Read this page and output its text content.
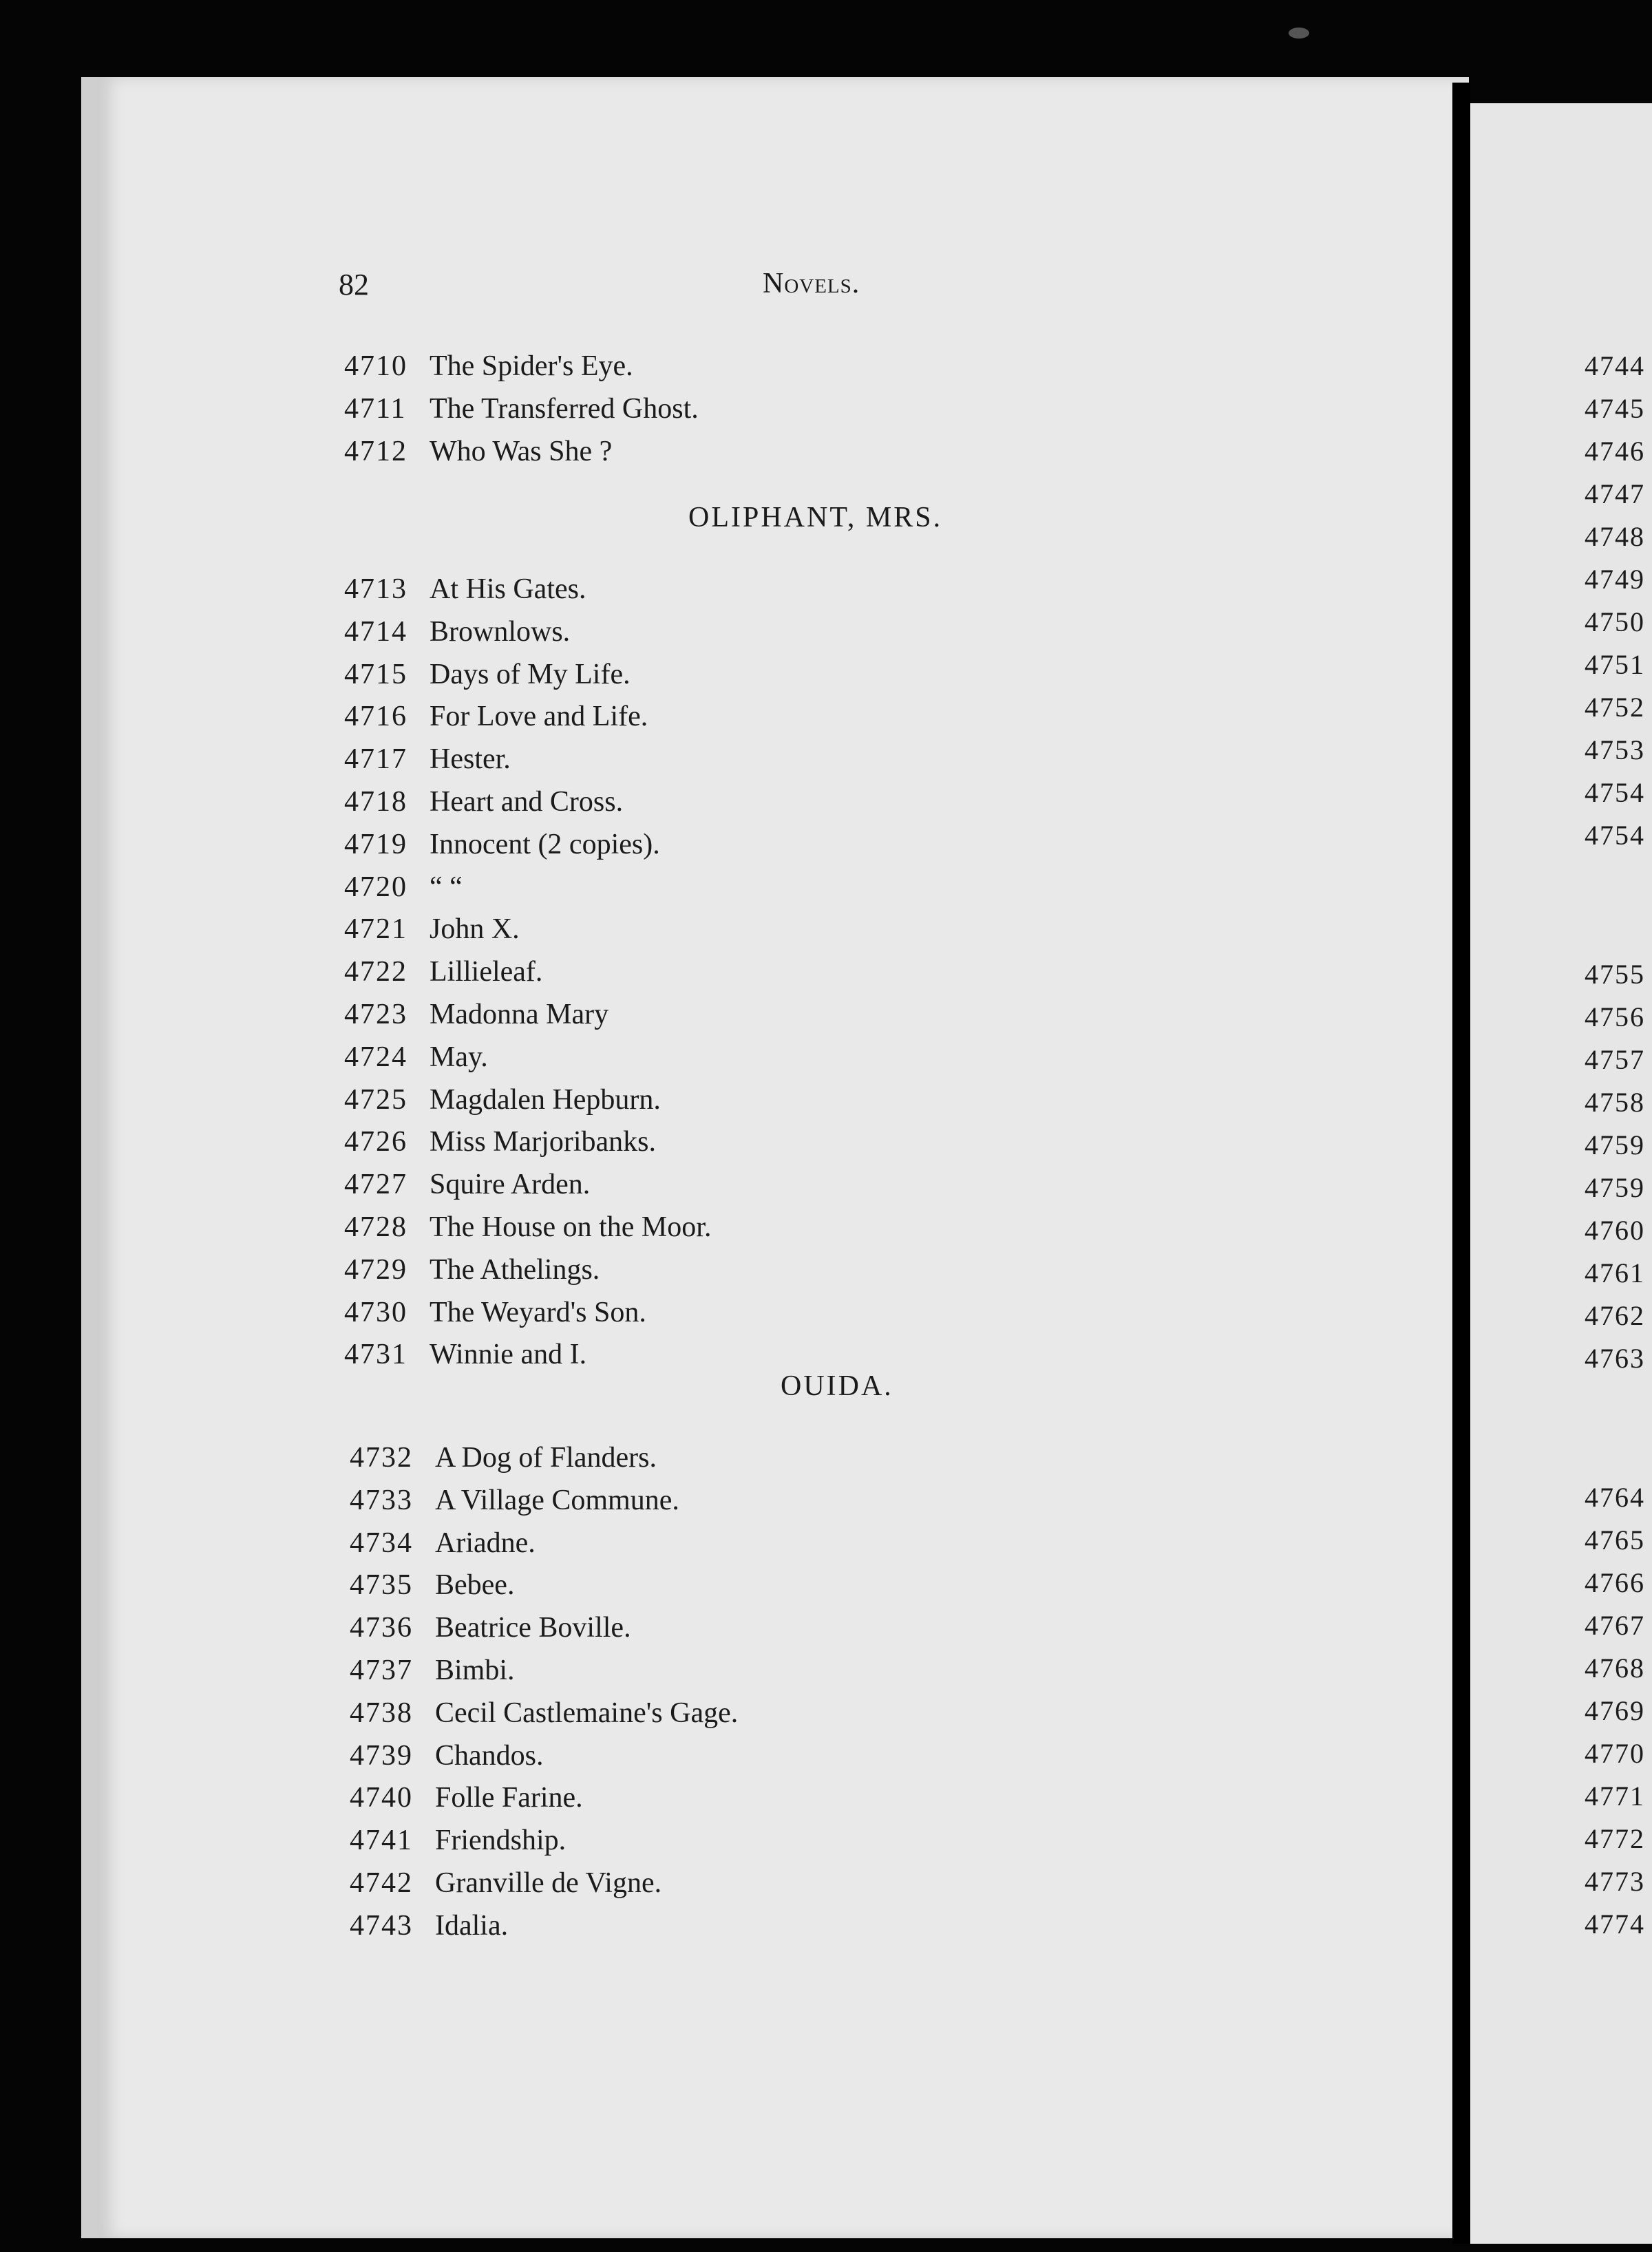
82	Novels.
4710 The Spider's Eye.
4711 The Transferred Ghost.
4712 Who Was She ?
OLIPHANT, MRS.
4713 At His Gates.
4714 Brownlows.
4715 Days of My Life.
4716 For Love and Life.
4717 Hester.
4718 Heart and Cross.
4719 Innocent (2 copies).
4720 “ “
4721 John X.
4722 Lillieleaf.
4723 Madonna Mary
4724 May.
4725 Magdalen Hepburn.
4726 Miss Marjoribanks.
4727 Squire Arden.
4728 The House on the Moor.
4729 The Athelings.
4730 The Weyard's Son.
4731 Winnie and I.
OUIDA.
4732 A Dog of Flanders.
4733 A Village Commune.
4734 Ariadne.
4735 Bebee.
4736 Beatrice Boville.
4737 Bimbi.
4738 Cecil Castlemaine's Gage.
4739 Chandos.
4740 Folle Farine.
4741 Friendship.
4742 Granville de Vigne.
4743 Idalia.
4744
4745
4746
4747
4748
4749
4750
4751
4752
4753
4754
4754
4755
4756
4757
4758
4759
4759
4760
4761
4762
4763
4764
4765
4766
4767
4768
4769
4770
4771
4772
4773
4774
